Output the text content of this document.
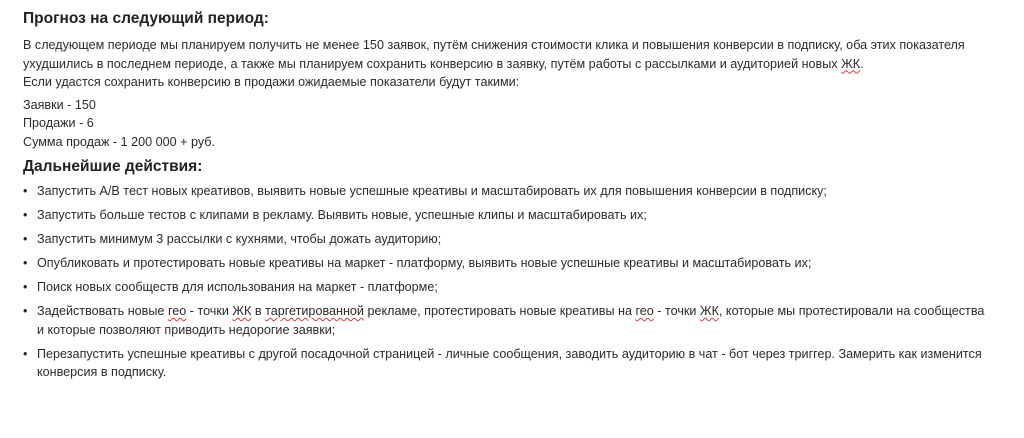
Прогноз на следующий период:

В следующем периоде мы планируем получить не менее 150 заявок, путём снижения стоимости клика и повышения конверсии в подписку, оба этих показателя ухудшились в последнем периоде, а также мы планируем сохранить конверсию в заявку, путём работы с рассылками и аудиторией новых ЖК.

Если удастся сохранить конверсию в продажи ожидаемые показатели будут такими:

Заявки - 150
Продажи - 6
Сумма продаж - 1 200 000 + руб.
Дальнейшие действия:
• Запустить A/B тест новых креативов, выявить новые успешные креативы и масштабировать их для повышения конверсии в подписку;
• Запустить больше тестов с клипами в рекламу. Выявить новые, успешные клипы и масштабировать их;
• Запустить минимум 3 рассылки с кухнями, чтобы дожать аудиторию;
• Опубликовать и протестировать новые креативы на маркет - платформу, выявить новые успешные креативы и масштабировать их;
• Поиск новых сообществ для использования на маркет - платформе;
• Задействовать новые гео - точки ЖК в таргетированной рекламе, протестировать новые креативы на гео - точки ЖК, которые мы протестировали на сообщества и которые позволяют приводить недорогие заявки;
• Перезапустить успешные креативы с другой посадочной страницей - личные сообщения, заводить аудиторию в чат - бот через триггер. Замерить как изменится конверсия в подписку.
